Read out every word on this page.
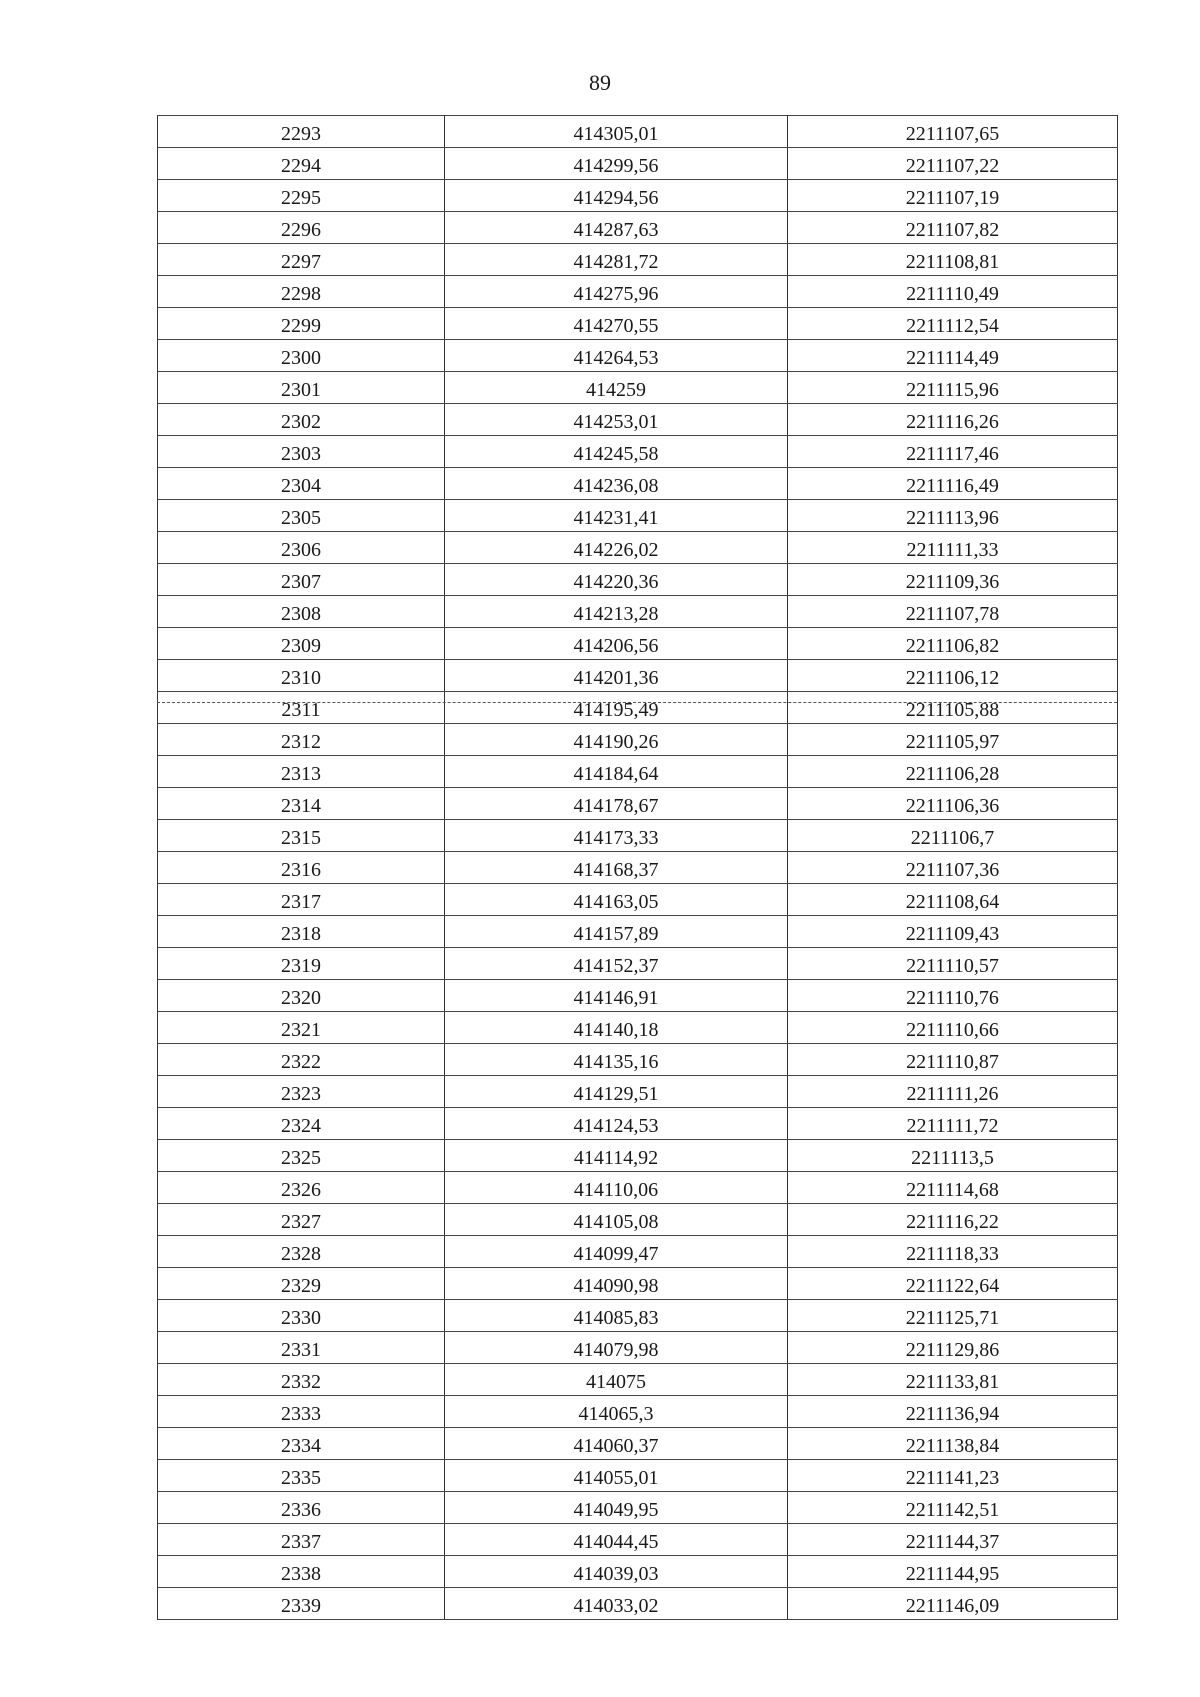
89
2293	414305,01	2211107,65
2294	414299,56	2211107,22
2295	414294,56	2211107,19
2296	414287,63	2211107,82
2297	414281,72	2211108,81
2298	414275,96	2211110,49
2299	414270,55	2211112,54
2300	414264,53	2211114,49
2301	414259	2211115,96
2302	414253,01	2211116,26
2303	414245,58	2211117,46
2304	414236,08	2211116,49
2305	414231,41	2211113,96
2306	414226,02	2211111,33
2307	414220,36	2211109,36
2308	414213,28	2211107,78
2309	414206,56	2211106,82
2310	414201,36	2211106,12
2311	414195,49	2211105,88
2312	414190,26	2211105,97
2313	414184,64	2211106,28
2314	414178,67	2211106,36
2315	414173,33	2211106,7
2316	414168,37	2211107,36
2317	414163,05	2211108,64
2318	414157,89	2211109,43
2319	414152,37	2211110,57
2320	414146,91	2211110,76
2321	414140,18	2211110,66
2322	414135,16	2211110,87
2323	414129,51	2211111,26
2324	414124,53	2211111,72
2325	414114,92	2211113,5
2326	414110,06	2211114,68
2327	414105,08	2211116,22
2328	414099,47	2211118,33
2329	414090,98	2211122,64
2330	414085,83	2211125,71
2331	414079,98	2211129,86
2332	414075	2211133,81
2333	414065,3	2211136,94
2334	414060,37	2211138,84
2335	414055,01	2211141,23
2336	414049,95	2211142,51
2337	414044,45	2211144,37
2338	414039,03	2211144,95
2339	414033,02	2211146,09
